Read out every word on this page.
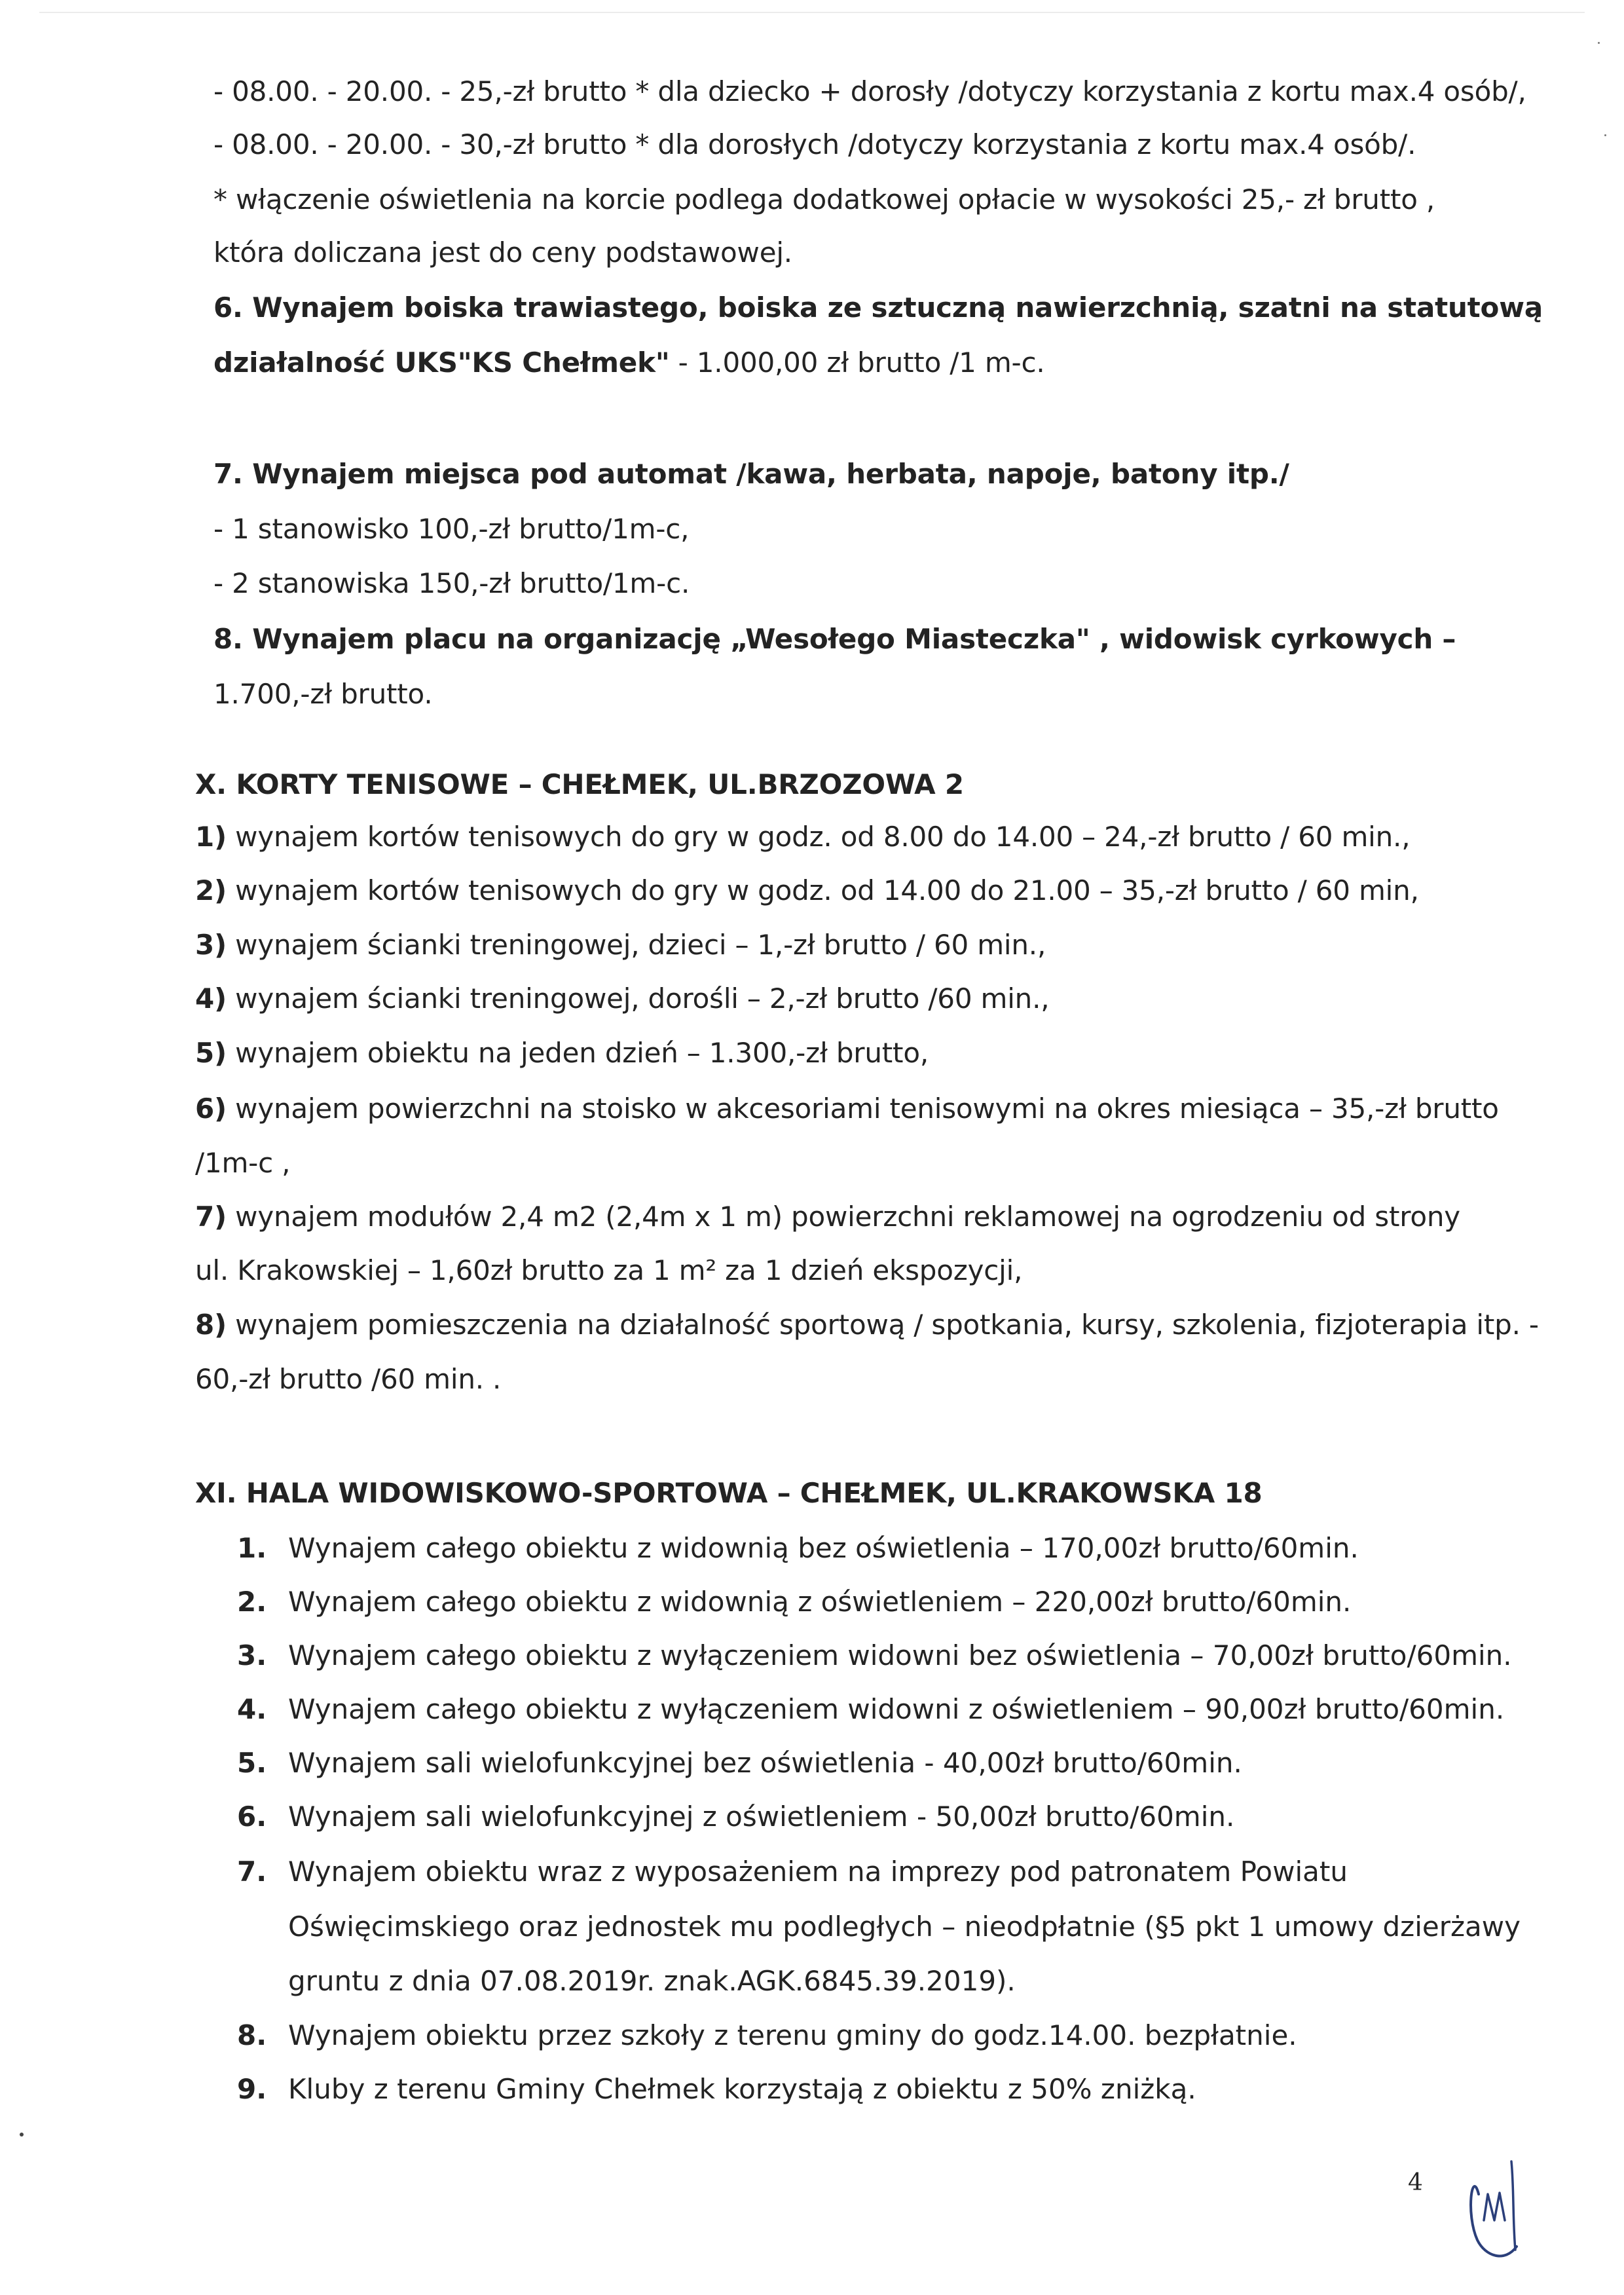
- 08.00. - 20.00. - 25,-zł brutto * dla dziecko + dorosły /dotyczy korzystania z kortu max.4 osób/,
- 08.00. - 20.00. - 30,-zł brutto * dla dorosłych /dotyczy korzystania z kortu max.4 osób/.
* włączenie oświetlenia na korcie podlega dodatkowej opłacie w wysokości 25,- zł brutto ,
która doliczana jest do ceny podstawowej.
6. Wynajem boiska trawiastego, boiska ze sztuczną nawierzchnią, szatni na statutową
działalność UKS"KS Chełmek" - 1.000,00 zł brutto /1 m-c.
7. Wynajem miejsca pod automat /kawa, herbata, napoje, batony itp./
- 1 stanowisko 100,-zł brutto/1m-c,
- 2 stanowiska 150,-zł brutto/1m-c.
8. Wynajem placu na organizację „Wesołego Miasteczka" , widowisk cyrkowych –
1.700,-zł brutto.
X. KORTY TENISOWE – CHEŁMEK, UL.BRZOZOWA 2
1) wynajem kortów tenisowych do gry w godz. od 8.00 do 14.00 – 24,-zł brutto / 60 min.,
2) wynajem kortów tenisowych do gry w godz. od 14.00 do 21.00 – 35,-zł brutto / 60 min,
3) wynajem ścianki treningowej, dzieci – 1,-zł brutto / 60 min.,
4) wynajem ścianki treningowej, dorośli – 2,-zł brutto /60 min.,
5) wynajem obiektu na jeden dzień – 1.300,-zł brutto,
6) wynajem powierzchni na stoisko w akcesoriami tenisowymi na okres miesiąca – 35,-zł brutto
/1m-c ,
7) wynajem modułów 2,4 m2 (2,4m x 1 m) powierzchni reklamowej na ogrodzeniu od strony
ul. Krakowskiej – 1,60zł brutto za 1 m² za 1 dzień ekspozycji,
8) wynajem pomieszczenia na działalność sportową / spotkania, kursy, szkolenia, fizjoterapia itp. -
60,-zł brutto /60 min. .
XI. HALA WIDOWISKOWO-SPORTOWA – CHEŁMEK, UL.KRAKOWSKA 18
1. Wynajem całego obiektu z widownią bez oświetlenia – 170,00zł brutto/60min.
2. Wynajem całego obiektu z widownią z oświetleniem – 220,00zł brutto/60min.
3. Wynajem całego obiektu z wyłączeniem widowni bez oświetlenia – 70,00zł brutto/60min.
4. Wynajem całego obiektu z wyłączeniem widowni z oświetleniem – 90,00zł brutto/60min.
5. Wynajem sali wielofunkcyjnej bez oświetlenia - 40,00zł brutto/60min.
6. Wynajem sali wielofunkcyjnej z oświetleniem - 50,00zł brutto/60min.
7. Wynajem obiektu wraz z wyposażeniem na imprezy pod patronatem Powiatu
Oświęcimskiego oraz jednostek mu podległych – nieodpłatnie (§5 pkt 1 umowy dzierżawy
gruntu z dnia 07.08.2019r. znak.AGK.6845.39.2019).
8. Wynajem obiektu przez szkoły z terenu gminy do godz.14.00. bezpłatnie.
9. Kluby z terenu Gminy Chełmek korzystają z obiektu z 50% zniżką.
4
